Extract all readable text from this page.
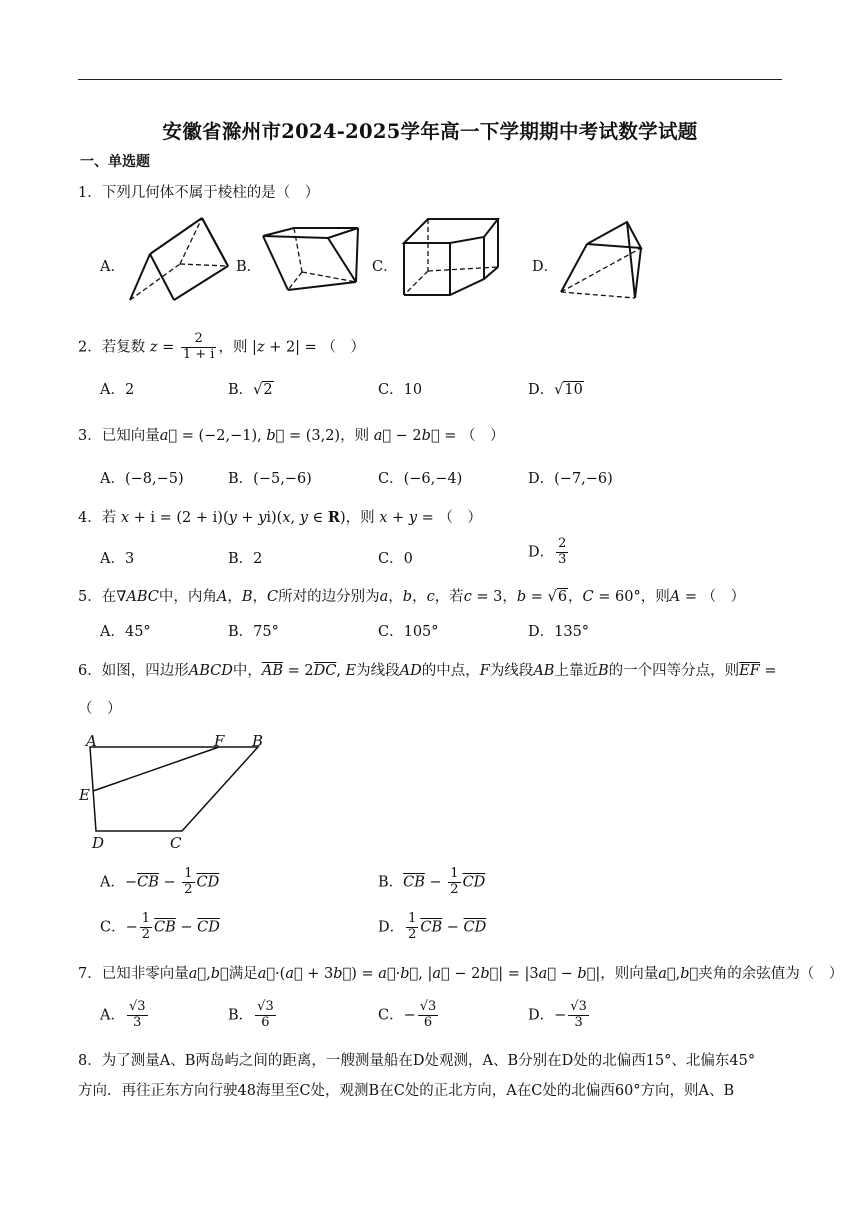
安徽省滁州市2024-2025学年高一下学期期中考试数学试题
一、单选题
1．下列几何体不属于棱柱的是（　）
A．	B．	C．	D．
2．若复数 $z = \frac{2}{1 + i}$ ，则 |z + 2| = （　）
A．2	B．√2	C．10	D．√10
3．已知向量a⃗ = (−2,−1), b⃗ = (3,2)，则 a⃗ − 2b⃗ = （　）
A．(−8,−5)	B．(−5,−6)	C．(−6,−4)	D．(−7,−6)
4．若 x + i = (2 + i)(y + yi)(x, y ∈ R)，则 x + y = （　）
A．3	B．2	C．0	D． $\frac{2}{3}$
5．在∇ABC中，内角A，B，C所对的边分别为a，b，c，若c = 3，b = √6，C = 60°，则A = （　）
A．45°	B．75°	C．105°	D．135°
6．如图，四边形ABCD中，$\overline{AB} = 2\overline{DC}$, E为线段AD的中点，F为线段AB上靠近B的一个四等分点，则$\overline{EF}$ =
（　）
A	F B
E
D	C
A．$-\overline{CB} - \frac{1}{2} \overline{CD}$	B．$\overline{CB} - \frac{1}{2} \overline{CD}$
C．− $\frac{1}{2} \overline{CB} - \overline{CD}$	D． $\frac{1}{2} \overline{CB} - \overline{CD}$
7．已知非零向量a⃗,b⃗满足a⃗·(a⃗ + 3b⃗) = a⃗·b⃗, |a⃗ − 2b⃗| = |3a⃗ − b⃗|，则向量a⃗,b⃗夹角的余弦值为（　）
A． $\frac{√3}{3}$	B． $\frac{√3}{6}$	C．− $\frac{√3}{6}$	D．− $\frac{√3}{3}$
8．为了测量A、B两岛屿之间的距离，一艘测量船在D处观测，A、B分别在D处的北偏西15°、北偏东45°
方向．再往正东方向行驶48海里至C处，观测B在C处的正北方向，A在C处的北偏西60°方向，则A、B
